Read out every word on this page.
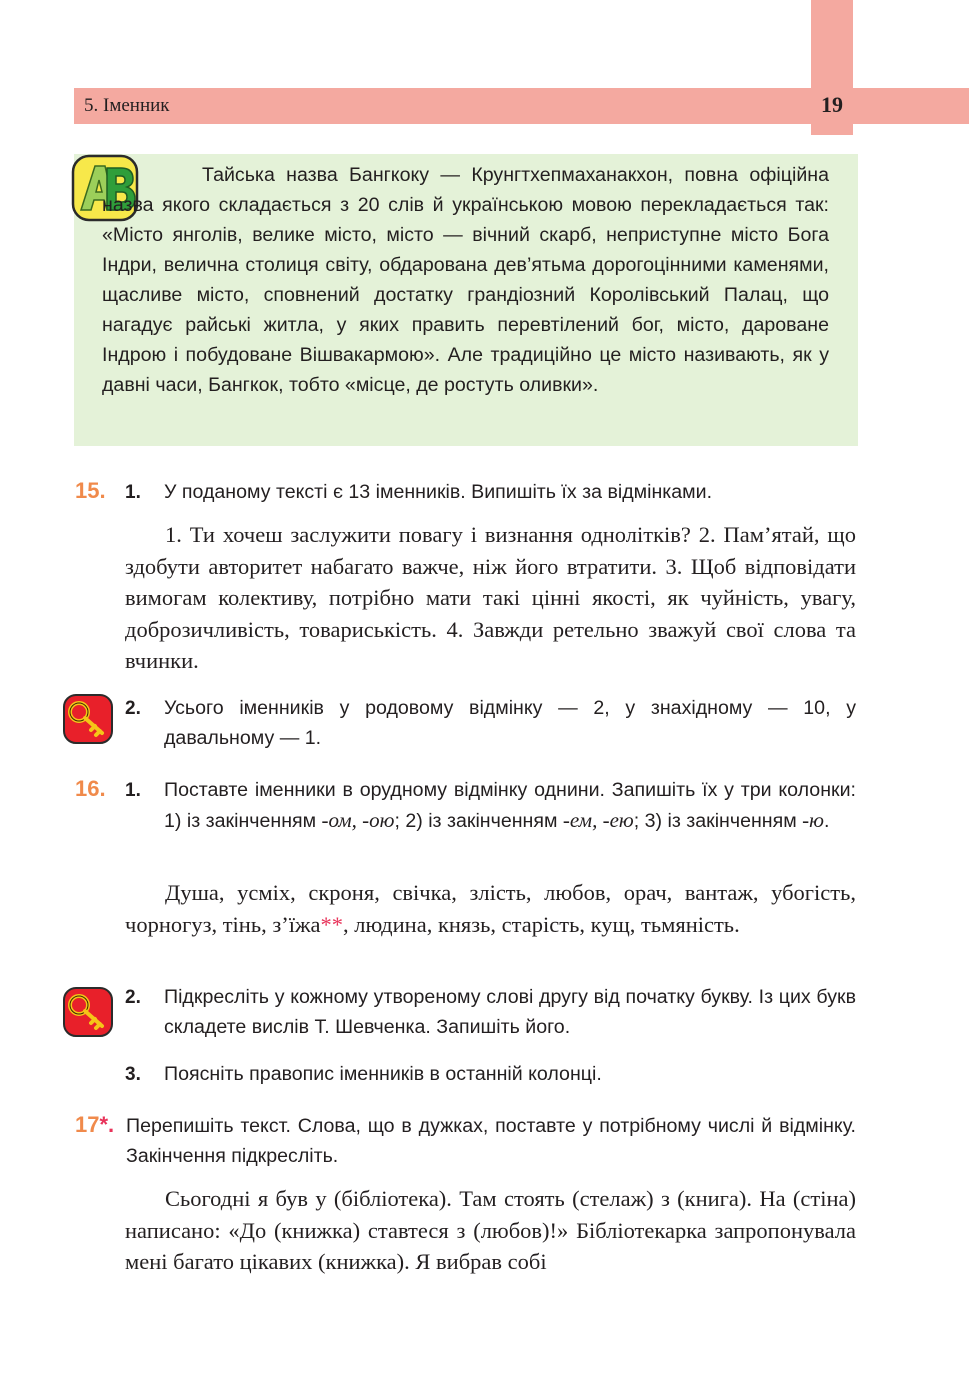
5. Іменник	19

Тайська назва Бангкоку — Крунгтхепмаханакхон, повна офіційна назва якого складається з 20 слів й українською мовою перекладається так: «Місто янголів, велике місто, місто — вічний скарб, неприступне місто Бога Індри, велична столиця світу, обдарована дев’ятьма дорогоцінними каменями, щасливе місто, сповнений достатку грандіозний Королівський Палац, що нагадує райські житла, у яких править перевтілений бог, місто, дароване Індрою і побудоване Вішвакармою». Але традиційно це місто називають, як у давні часи, Бангкок, тобто «місце, де ростуть оливки».

15. 1. У поданому тексті є 13 іменників. Випишіть їх за відмінками.

1. Ти хочеш заслужити повагу і визнання однолітків? 2. Пам’ятай, що здобути авторитет набагато важче, ніж його втратити. 3. Щоб відповідати вимогам колективу, потрібно мати такі цінні якості, як чуйність, увагу, доброзичливість, товариськість. 4. Завжди ретельно зважуй свої слова та вчинки.

2. Усього іменників у родовому відмінку — 2, у знахідному — 10, у давальному — 1.

16. 1. Поставте іменники в орудному відмінку однини. Запишіть їх у три колонки: 1) із закінченням -ом, -ою; 2) із закінченням -ем, -ею; 3) із закінченням -ю.

Душа, усміх, скроня, свічка, злість, любов, орач, вантаж, убогість, чорногуз, тінь, з’їжа**, людина, князь, старість, кущ, тьмяність.

2. Підкресліть у кожному утвореному слові другу від початку букву. Із цих букв складете вислів Т. Шевченка. Запишіть його.

3. Поясніть правопис іменників в останній колонці.

17*. Перепишіть текст. Слова, що в дужках, поставте у потрібному числі й відмінку. Закінчення підкресліть.

Сьогодні я був у (бібліотека). Там стоять (стелаж) з (книга). На (стіна) написано: «До (книжка) ставтеся з (любов)!» Бібліотекарка запропонувала мені багато цікавих (книжка). Я вибрав собі
